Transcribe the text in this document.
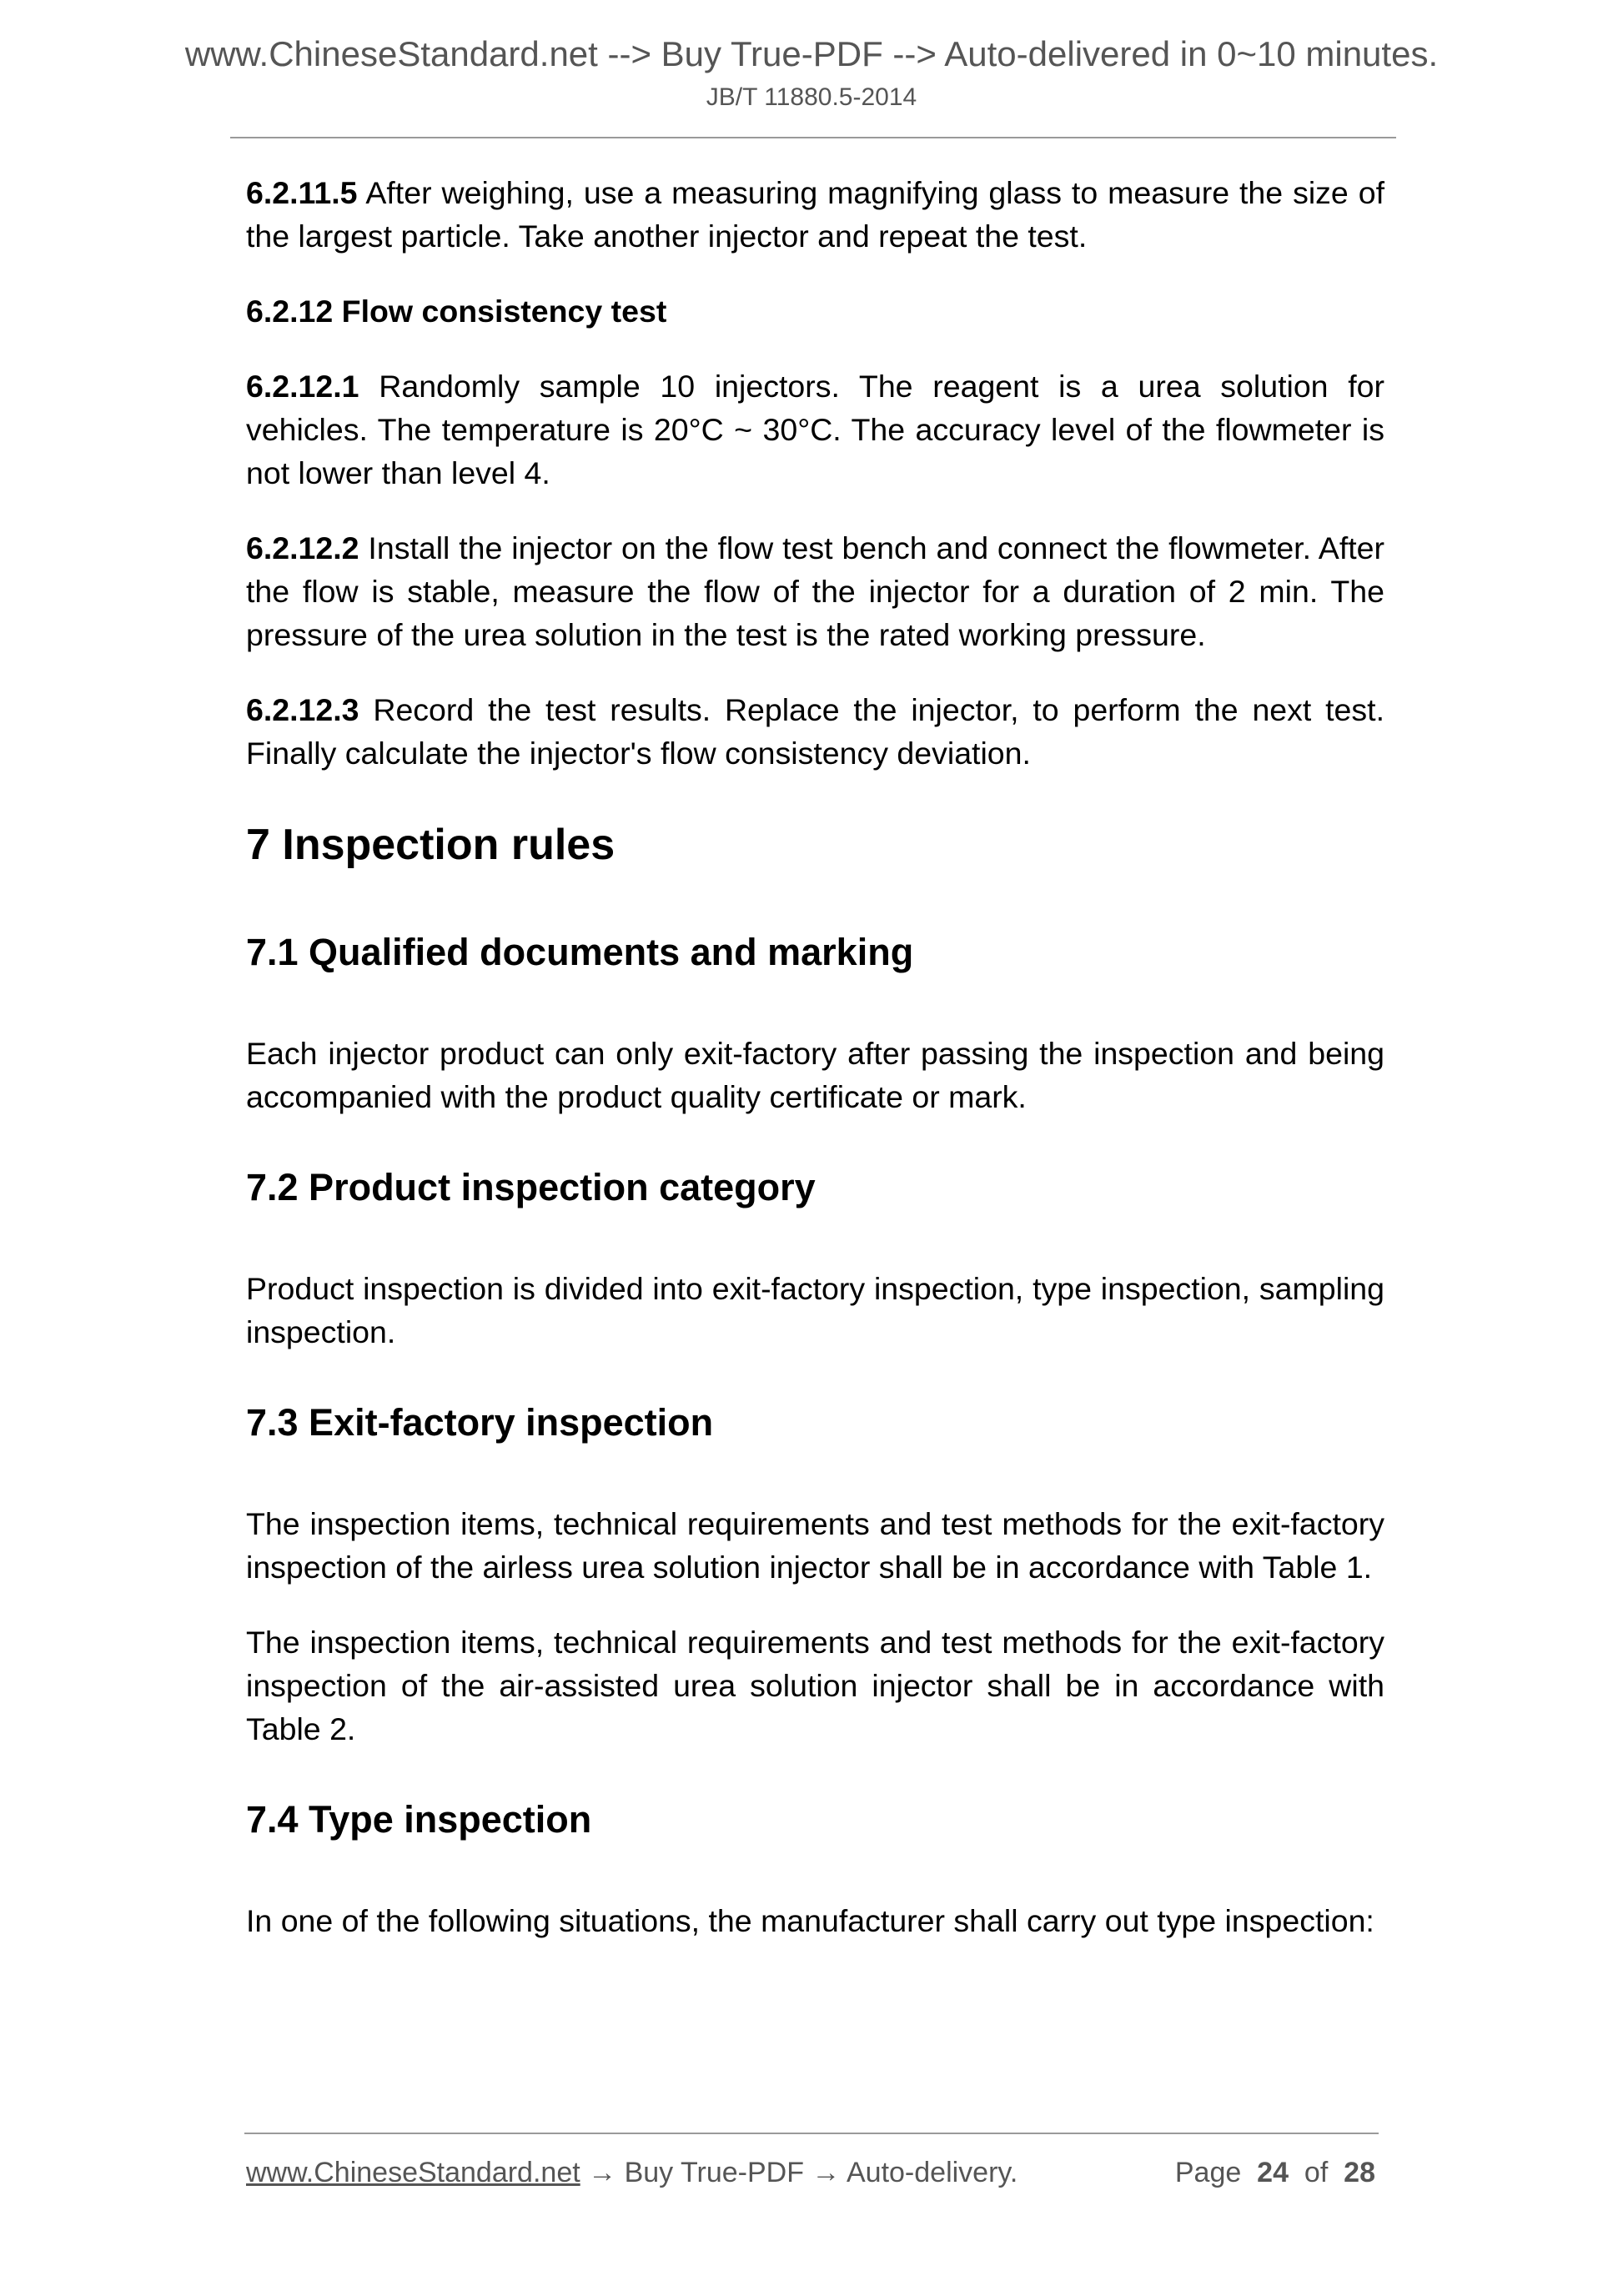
www.ChineseStandard.net --> Buy True-PDF --> Auto-delivered in 0~10 minutes.
JB/T 11880.5-2014

6.2.11.5 After weighing, use a measuring magnifying glass to measure the size of the largest particle. Take another injector and repeat the test.

6.2.12 Flow consistency test

6.2.12.1 Randomly sample 10 injectors. The reagent is a urea solution for vehicles. The temperature is 20°C ~ 30°C. The accuracy level of the flowmeter is not lower than level 4.

6.2.12.2 Install the injector on the flow test bench and connect the flowmeter. After the flow is stable, measure the flow of the injector for a duration of 2 min. The pressure of the urea solution in the test is the rated working pressure.

6.2.12.3 Record the test results. Replace the injector, to perform the next test. Finally calculate the injector's flow consistency deviation.

7 Inspection rules
7.1 Qualified documents and marking

Each injector product can only exit-factory after passing the inspection and being accompanied with the product quality certificate or mark.

7.2 Product inspection category

Product inspection is divided into exit-factory inspection, type inspection, sampling inspection.

7.3 Exit-factory inspection

The inspection items, technical requirements and test methods for the exit-factory inspection of the airless urea solution injector shall be in accordance with Table 1.

The inspection items, technical requirements and test methods for the exit-factory inspection of the air-assisted urea solution injector shall be in accordance with Table 2.

7.4 Type inspection

In one of the following situations, the manufacturer shall carry out type inspection:

www.ChineseStandard.net → Buy True-PDF → Auto-delivery.	Page 24 of 28
